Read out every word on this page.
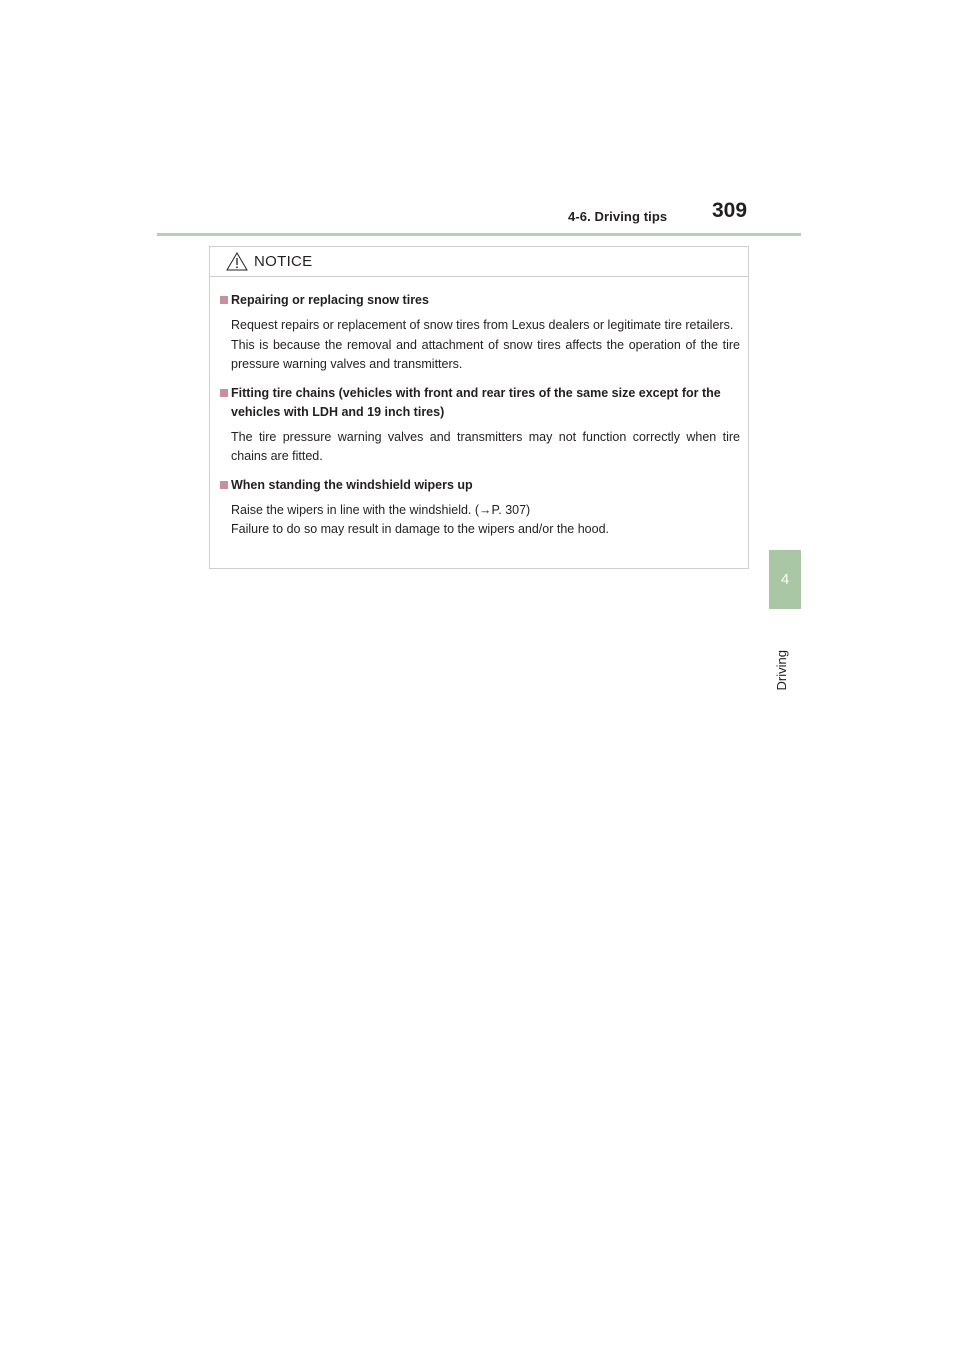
4-6. Driving tips 309
4
Driving
NOTICE
Repairing or replacing snow tires
Request repairs or replacement of snow tires from Lexus dealers or legitimate tire retailers.
This is because the removal and attachment of snow tires affects the operation of the tire pressure warning valves and transmitters.
Fitting tire chains (vehicles with front and rear tires of the same size except for the vehicles with LDH and 19 inch tires)
The tire pressure warning valves and transmitters may not function correctly when tire chains are fitted.
When standing the windshield wipers up
Raise the wipers in line with the windshield. (→P. 307)
Failure to do so may result in damage to the wipers and/or the hood.
